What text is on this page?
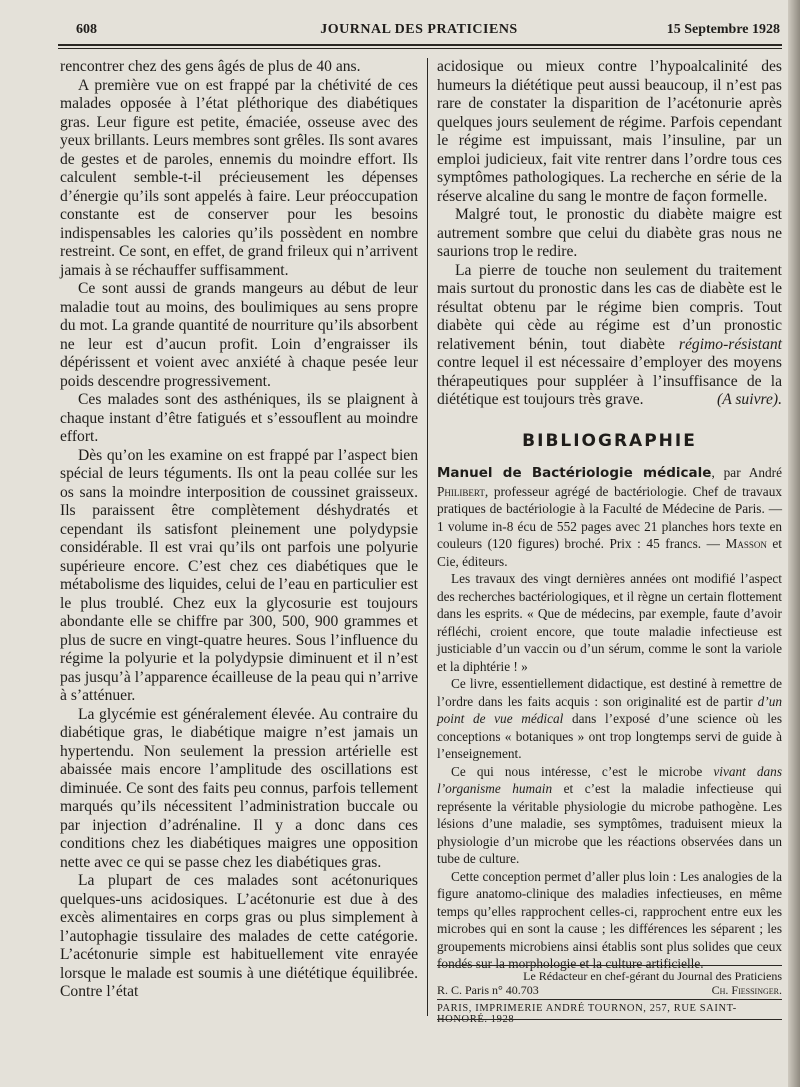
608	JOURNAL DES PRATICIENS	15 Septembre 1928

rencontrer chez des gens âgés de plus de 40 ans.

A première vue on est frappé par la chétivité de ces malades opposée à l’état pléthorique des diabétiques gras. Leur figure est petite, émaciée, osseuse avec des yeux brillants. Leurs membres sont grêles. Ils sont avares de gestes et de paroles, ennemis du moindre effort. Ils calculent semble-t-il précieusement les dépenses d’énergie qu’ils sont appelés à faire. Leur préoccupation constante est de conserver pour les besoins indispensables les calories qu’ils possèdent en nombre restreint. Ce sont, en effet, de grand frileux qui n’arrivent jamais à se réchauffer suffisamment.

Ce sont aussi de grands mangeurs au début de leur maladie tout au moins, des boulimiques au sens propre du mot. La grande quantité de nourriture qu’ils absorbent ne leur est d’aucun profit. Loin d’engraisser ils dépérissent et voient avec anxiété à chaque pesée leur poids descendre progressivement.

Ces malades sont des asthéniques, ils se plaignent à chaque instant d’être fatigués et s’essouflent au moindre effort.

Dès qu’on les examine on est frappé par l’aspect bien spécial de leurs téguments. Ils ont la peau collée sur les os sans la moindre interposition de coussinet graisseux. Ils paraissent être complètement déshydratés et cependant ils satisfont pleinement une polydypsie considérable. Il est vrai qu’ils ont parfois une polyurie supérieure encore. C’est chez ces diabétiques que le métabolisme des liquides, celui de l’eau en particulier est le plus troublé. Chez eux la glycosurie est toujours abondante elle se chiffre par 300, 500, 900 grammes et plus de sucre en vingt-quatre heures. Sous l’influence du régime la polyurie et la polydypsie diminuent et il n’est pas jusqu’à l’apparence écailleuse de la peau qui n’arrive à s’atténuer.

La glycémie est généralement élevée. Au contraire du diabétique gras, le diabétique maigre n’est jamais un hypertendu. Non seulement la pression artérielle est abaissée mais encore l’amplitude des oscillations est diminuée. Ce sont des faits peu connus, parfois tellement marqués qu’ils nécessitent l’administration buccale ou par injection d’adrénaline. Il y a donc dans ces conditions chez les diabétiques maigres une opposition nette avec ce qui se passe chez les diabétiques gras.

La plupart de ces malades sont acétonuriques quelques-uns acidosiques. L’acétonurie est due à des excès alimentaires en corps gras ou plus simplement à l’autophagie tissulaire des malades de cette catégorie. L’acétonurie simple est habituellement vite enrayée lorsque le malade est soumis à une diététique équilibrée. Contre l’état

acidosique ou mieux contre l’hypoalcalinité des humeurs la diététique peut aussi beaucoup, il n’est pas rare de constater la disparition de l’acétonurie après quelques jours seulement de régime. Parfois cependant le régime est impuissant, mais l’insuline, par un emploi judicieux, fait vite rentrer dans l’ordre tous ces symptômes pathologiques. La recherche en série de la réserve alcaline du sang le montre de façon formelle.

Malgré tout, le pronostic du diabète maigre est autrement sombre que celui du diabète gras nous ne saurions trop le redire.

La pierre de touche non seulement du traitement mais surtout du pronostic dans les cas de diabète est le résultat obtenu par le régime bien compris. Tout diabète qui cède au régime est d’un pronostic relativement bénin, tout diabète régimo-résistant contre lequel il est nécessaire d’employer des moyens thérapeutiques pour suppléer à l’insuffisance de la diététique est toujours très grave.	(A suivre).

BIBLIOGRAPHIE

Manuel de Bactériologie médicale, par André Philibert, professeur agrégé de bactériologie. Chef de travaux pratiques de bactériologie à la Faculté de Médecine de Paris. — 1 volume in-8 écu de 552 pages avec 21 planches hors texte en couleurs (120 figures) broché. Prix : 45 francs. — Masson et Cie, éditeurs.

Les travaux des vingt dernières années ont modifié l’aspect des recherches bactériologiques, et il règne un certain flottement dans les esprits. « Que de médecins, par exemple, faute d’avoir réfléchi, croient encore, que toute maladie infectieuse est justiciable d’un vaccin ou d’un sérum, comme le sont la variole et la diphtérie ! »

Ce livre, essentiellement didactique, est destiné à remettre de l’ordre dans les faits acquis : son originalité est de partir d’un point de vue médical dans l’exposé d’une science où les conceptions « botaniques » ont trop longtemps servi de guide à l’enseignement.

Ce qui nous intéresse, c’est le microbe vivant dans l’organisme humain et c’est la maladie infectieuse qui représente la véritable physiologie du microbe pathogène. Les lésions d’une maladie, ses symptômes, traduisent mieux la physiologie d’un microbe que les réactions observées dans un tube de culture.

Cette conception permet d’aller plus loin : Les analogies de la figure anatomo-clinique des maladies infectieuses, en même temps qu’elles rapprochent celles-ci, rapprochent entre eux les microbes qui en sont la cause ; les différences les séparent ; les groupements microbiens ainsi établis sont plus solides que ceux fondés sur la morphologie et la culture artificielle.

Le Rédacteur en chef-gérant du Journal des Praticiens
R. C. Paris n° 40.703	Ch. Fiessinger.
PARIS, IMPRIMERIE ANDRÉ TOURNON, 257, RUE SAINT-HONORÉ. 1928
